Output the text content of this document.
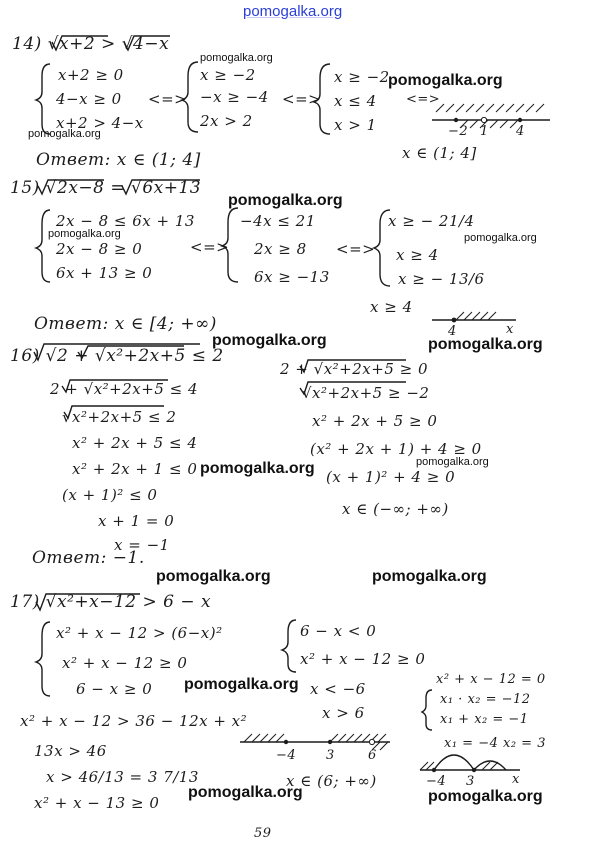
pomogalka.org
pomogalka.org
pomogalka.org
pomogalka.org
pomogalka.org
pomogalka.org	pomogalka.org
pomogalka.org	pomogalka.org
pomogalka.org	pomogalka.org
pomogalka.org	pomogalka.org
pomogalka.org
pomogalka.org	pomogalka.org
14) √x+2 > √4−x
x+2 ≥ 0
4−x ≥ 0
x+2 > 4−x
<=>
x ≥ −2
−x ≥ −4
2x > 2
<=>
x ≥ −2
x ≤ 4
x > 1
<=>
−2 1 4
x ∈ (1; 4]
Ответ: x ∈ (1; 4]
15) √2x−8 = √6x+13
2x − 8 ≤ 6x + 13
2x − 8 ≥ 0
6x + 13 ≥ 0
<=>
−4x ≤ 21
2x ≥ 8
6x ≥ −13
<=>
x ≥ − 21/4
x ≥ 4
x ≥ − 13/6
x ≥ 4
4	x
Ответ: x ∈ [4; +∞)
16) √2 + √x²+2x+5 ≤ 2
2 + √x²+2x+5 ≤ 4
√x²+2x+5 ≤ 2
x² + 2x + 5 ≤ 4
x² + 2x + 1 ≤ 0
(x + 1)² ≤ 0
x + 1 = 0
x = −1
2 + √x²+2x+5 ≥ 0
√x²+2x+5 ≥ −2
x² + 2x + 5 ≥ 0
(x² + 2x + 1) + 4 ≥ 0
(x + 1)² + 4 ≥ 0
x ∈ (−∞; +∞)
Ответ: −1.
17) √x²+x−12 > 6 − x
x² + x − 12 > (6−x)²
x² + x − 12 ≥ 0
6 − x ≥ 0
6 − x < 0
x² + x − 12 ≥ 0
x < −6
x > 6
x² + x − 12 > 36 − 12x + x²
13x > 46
x > 46/13 = 3 7/13
x² + x − 13 ≥ 0
x² + x − 12 = 0
x₁ · x₂ = −12
x₁ + x₂ = −1
x₁ = −4 x₂ = 3
−4 3	6
x ∈ (6; +∞)	−4 3	x
59
